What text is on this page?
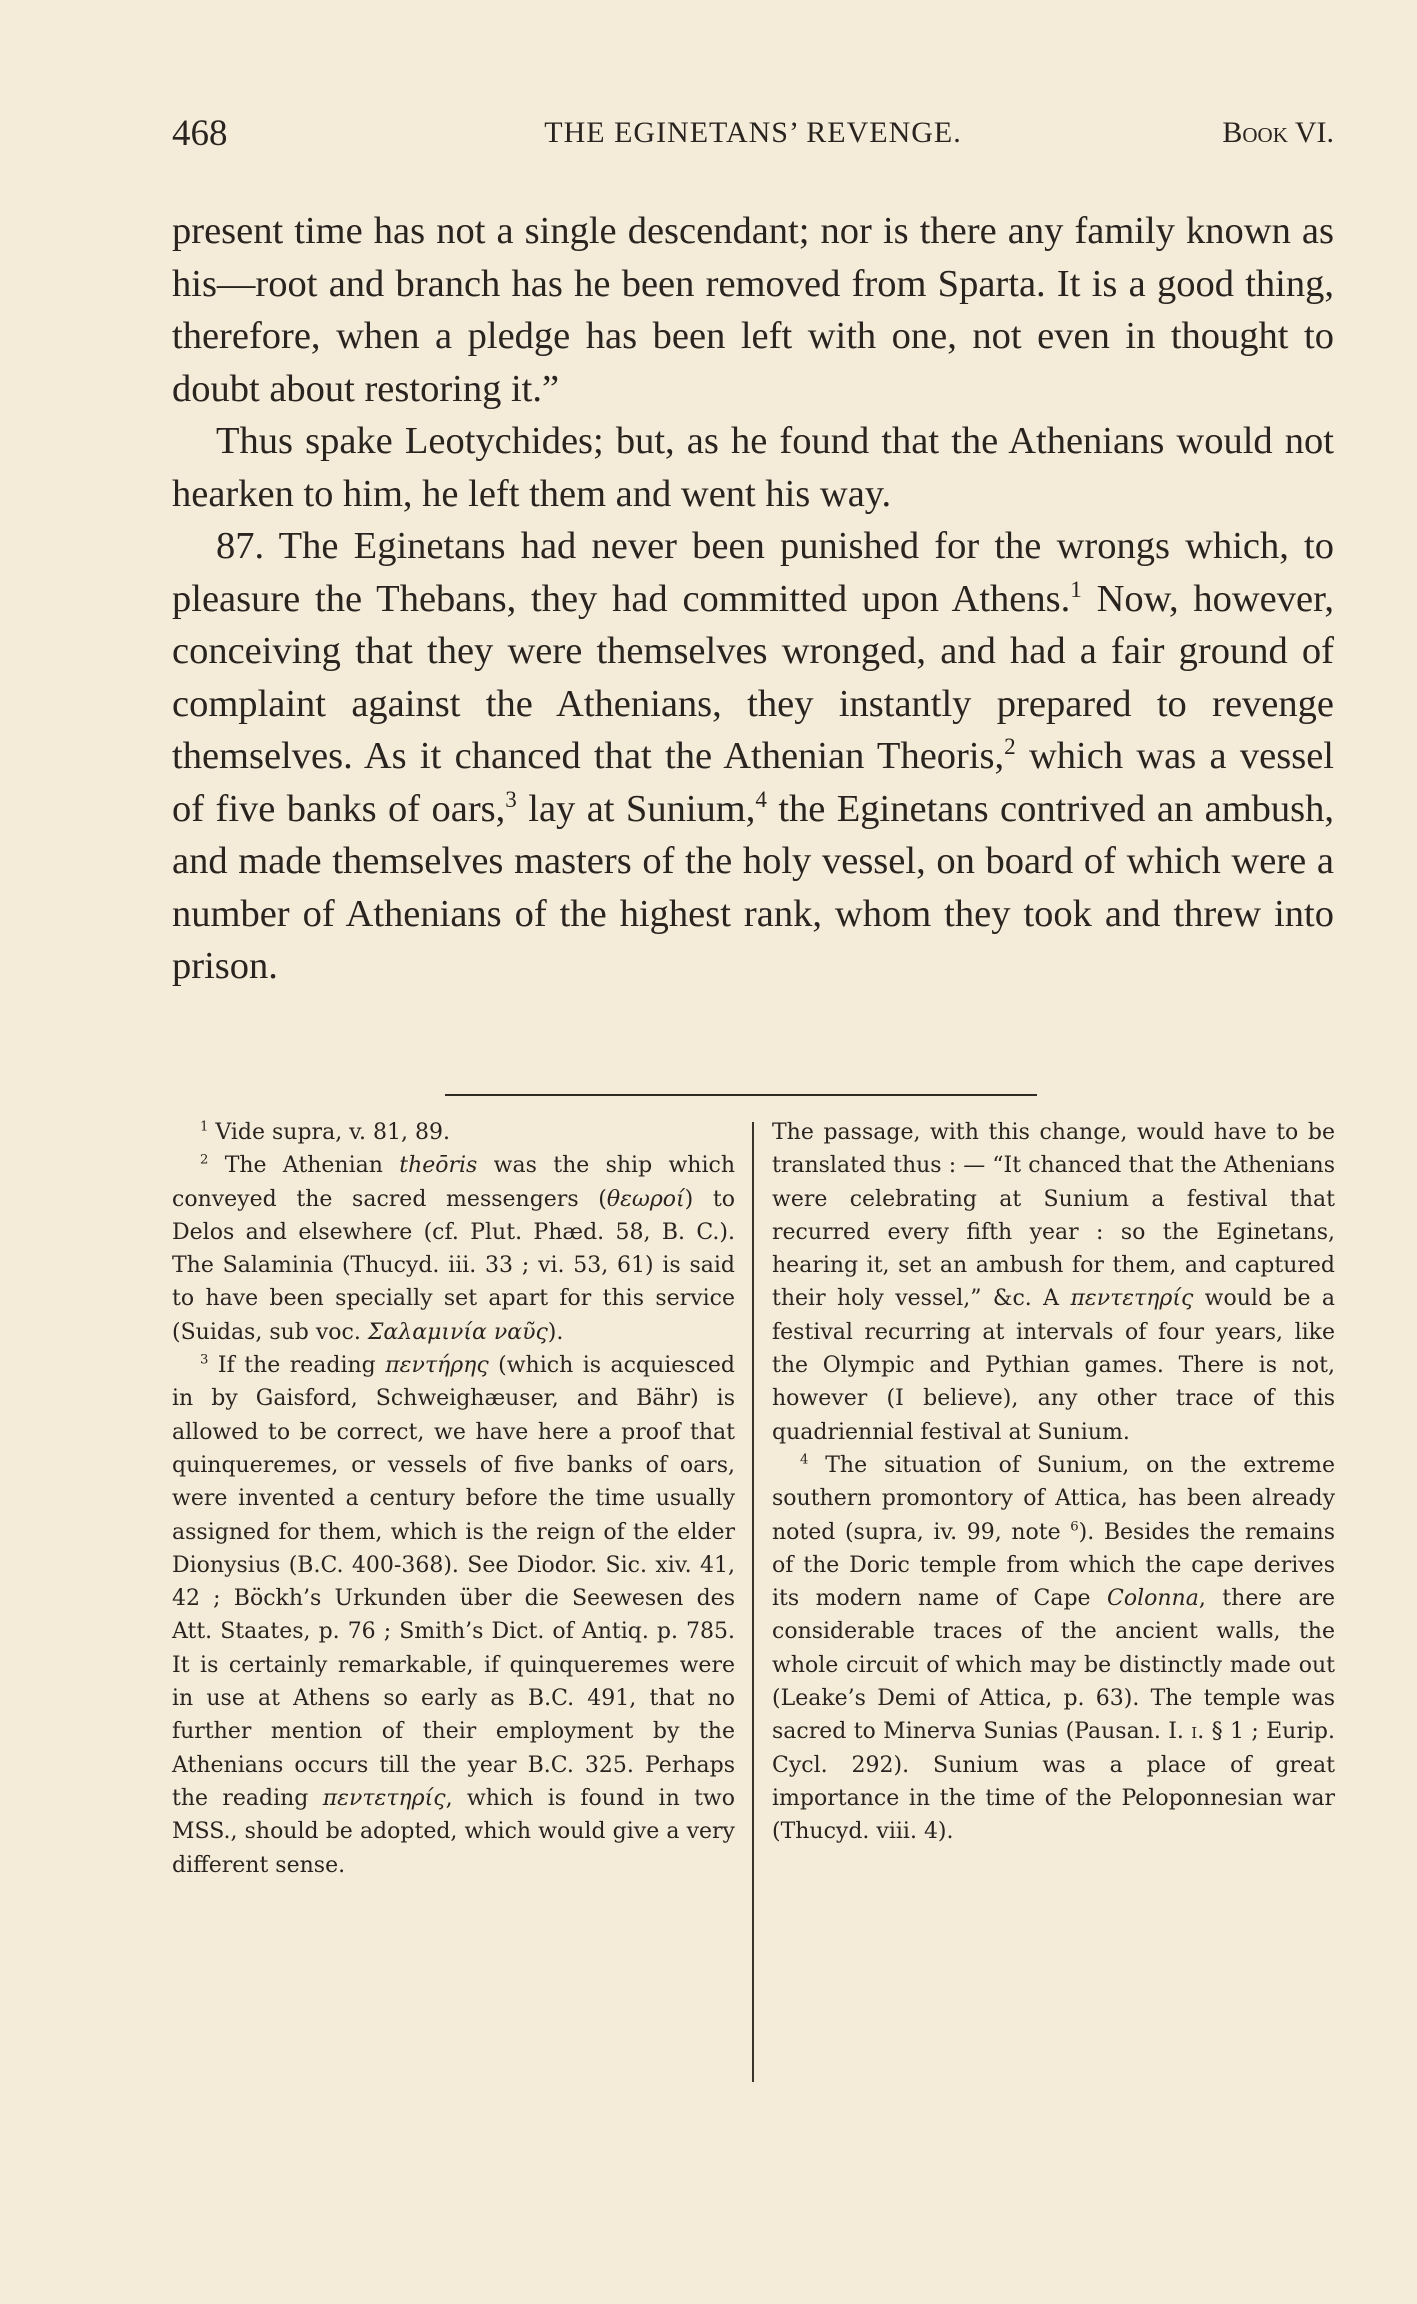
468	THE EGINETANS’ REVENGE.	Book VI.

present time has not a single descendant; nor is there any family known as his—root and branch has he been removed from Sparta. It is a good thing, therefore, when a pledge has been left with one, not even in thought to doubt about restoring it.”

Thus spake Leotychides; but, as he found that the Athenians would not hearken to him, he left them and went his way.

87. The Eginetans had never been punished for the wrongs which, to pleasure the Thebans, they had committed upon Athens.$^1$ Now, however, conceiving that they were themselves wronged, and had a fair ground of complaint against the Athenians, they instantly prepared to revenge themselves. As it chanced that the Athenian Theoris,$^2$ which was a vessel of five banks of oars,$^3$ lay at Sunium,$^4$ the Eginetans contrived an ambush, and made themselves masters of the holy vessel, on board of which were a number of Athenians of the highest rank, whom they took and threw into prison.

$^1$ Vide supra, v. 81, 89.

$^2$ The Athenian theōris was the ship which conveyed the sacred messengers (θεωροί) to Delos and elsewhere (cf. Plut. Phæd. 58, B. C.). The Salaminia (Thucyd. iii. 33 ; vi. 53, 61) is said to have been specially set apart for this service (Suidas, sub voc. Σαλαμινία ναῦς).

$^3$ If the reading πεντήρης (which is acquiesced in by Gaisford, Schweighæuser, and Bähr) is allowed to be correct, we have here a proof that quinqueremes, or vessels of five banks of oars, were invented a century before the time usually assigned for them, which is the reign of the elder Dionysius (B.C. 400-368). See Diodor. Sic. xiv. 41, 42 ; Böckh’s Urkunden über die Seewesen des Att. Staates, p. 76 ; Smith’s Dict. of Antiq. p. 785. It is certainly remarkable, if quinqueremes were in use at Athens so early as B.C. 491, that no further mention of their employment by the Athenians occurs till the year B.C. 325. Perhaps the reading πεντετηρίς, which is found in two MSS., should be adopted, which would give a very different sense.

The passage, with this change, would have to be translated thus : — “It chanced that the Athenians were celebrating at Sunium a festival that recurred every fifth year : so the Eginetans, hearing it, set an ambush for them, and captured their holy vessel,” &c. A πεντετηρίς would be a festival recurring at intervals of four years, like the Olympic and Pythian games. There is not, however (I believe), any other trace of this quadriennial festival at Sunium.

$^4$ The situation of Sunium, on the extreme southern promontory of Attica, has been already noted (supra, iv. 99, note $^6$). Besides the remains of the Doric temple from which the cape derives its modern name of Cape Colonna, there are considerable traces of the ancient walls, the whole circuit of which may be distinctly made out (Leake’s Demi of Attica, p. 63). The temple was sacred to Minerva Sunias (Pausan. I. i. § 1 ; Eurip. Cycl. 292). Sunium was a place of great importance in the time of the Peloponnesian war (Thucyd. viii. 4).
